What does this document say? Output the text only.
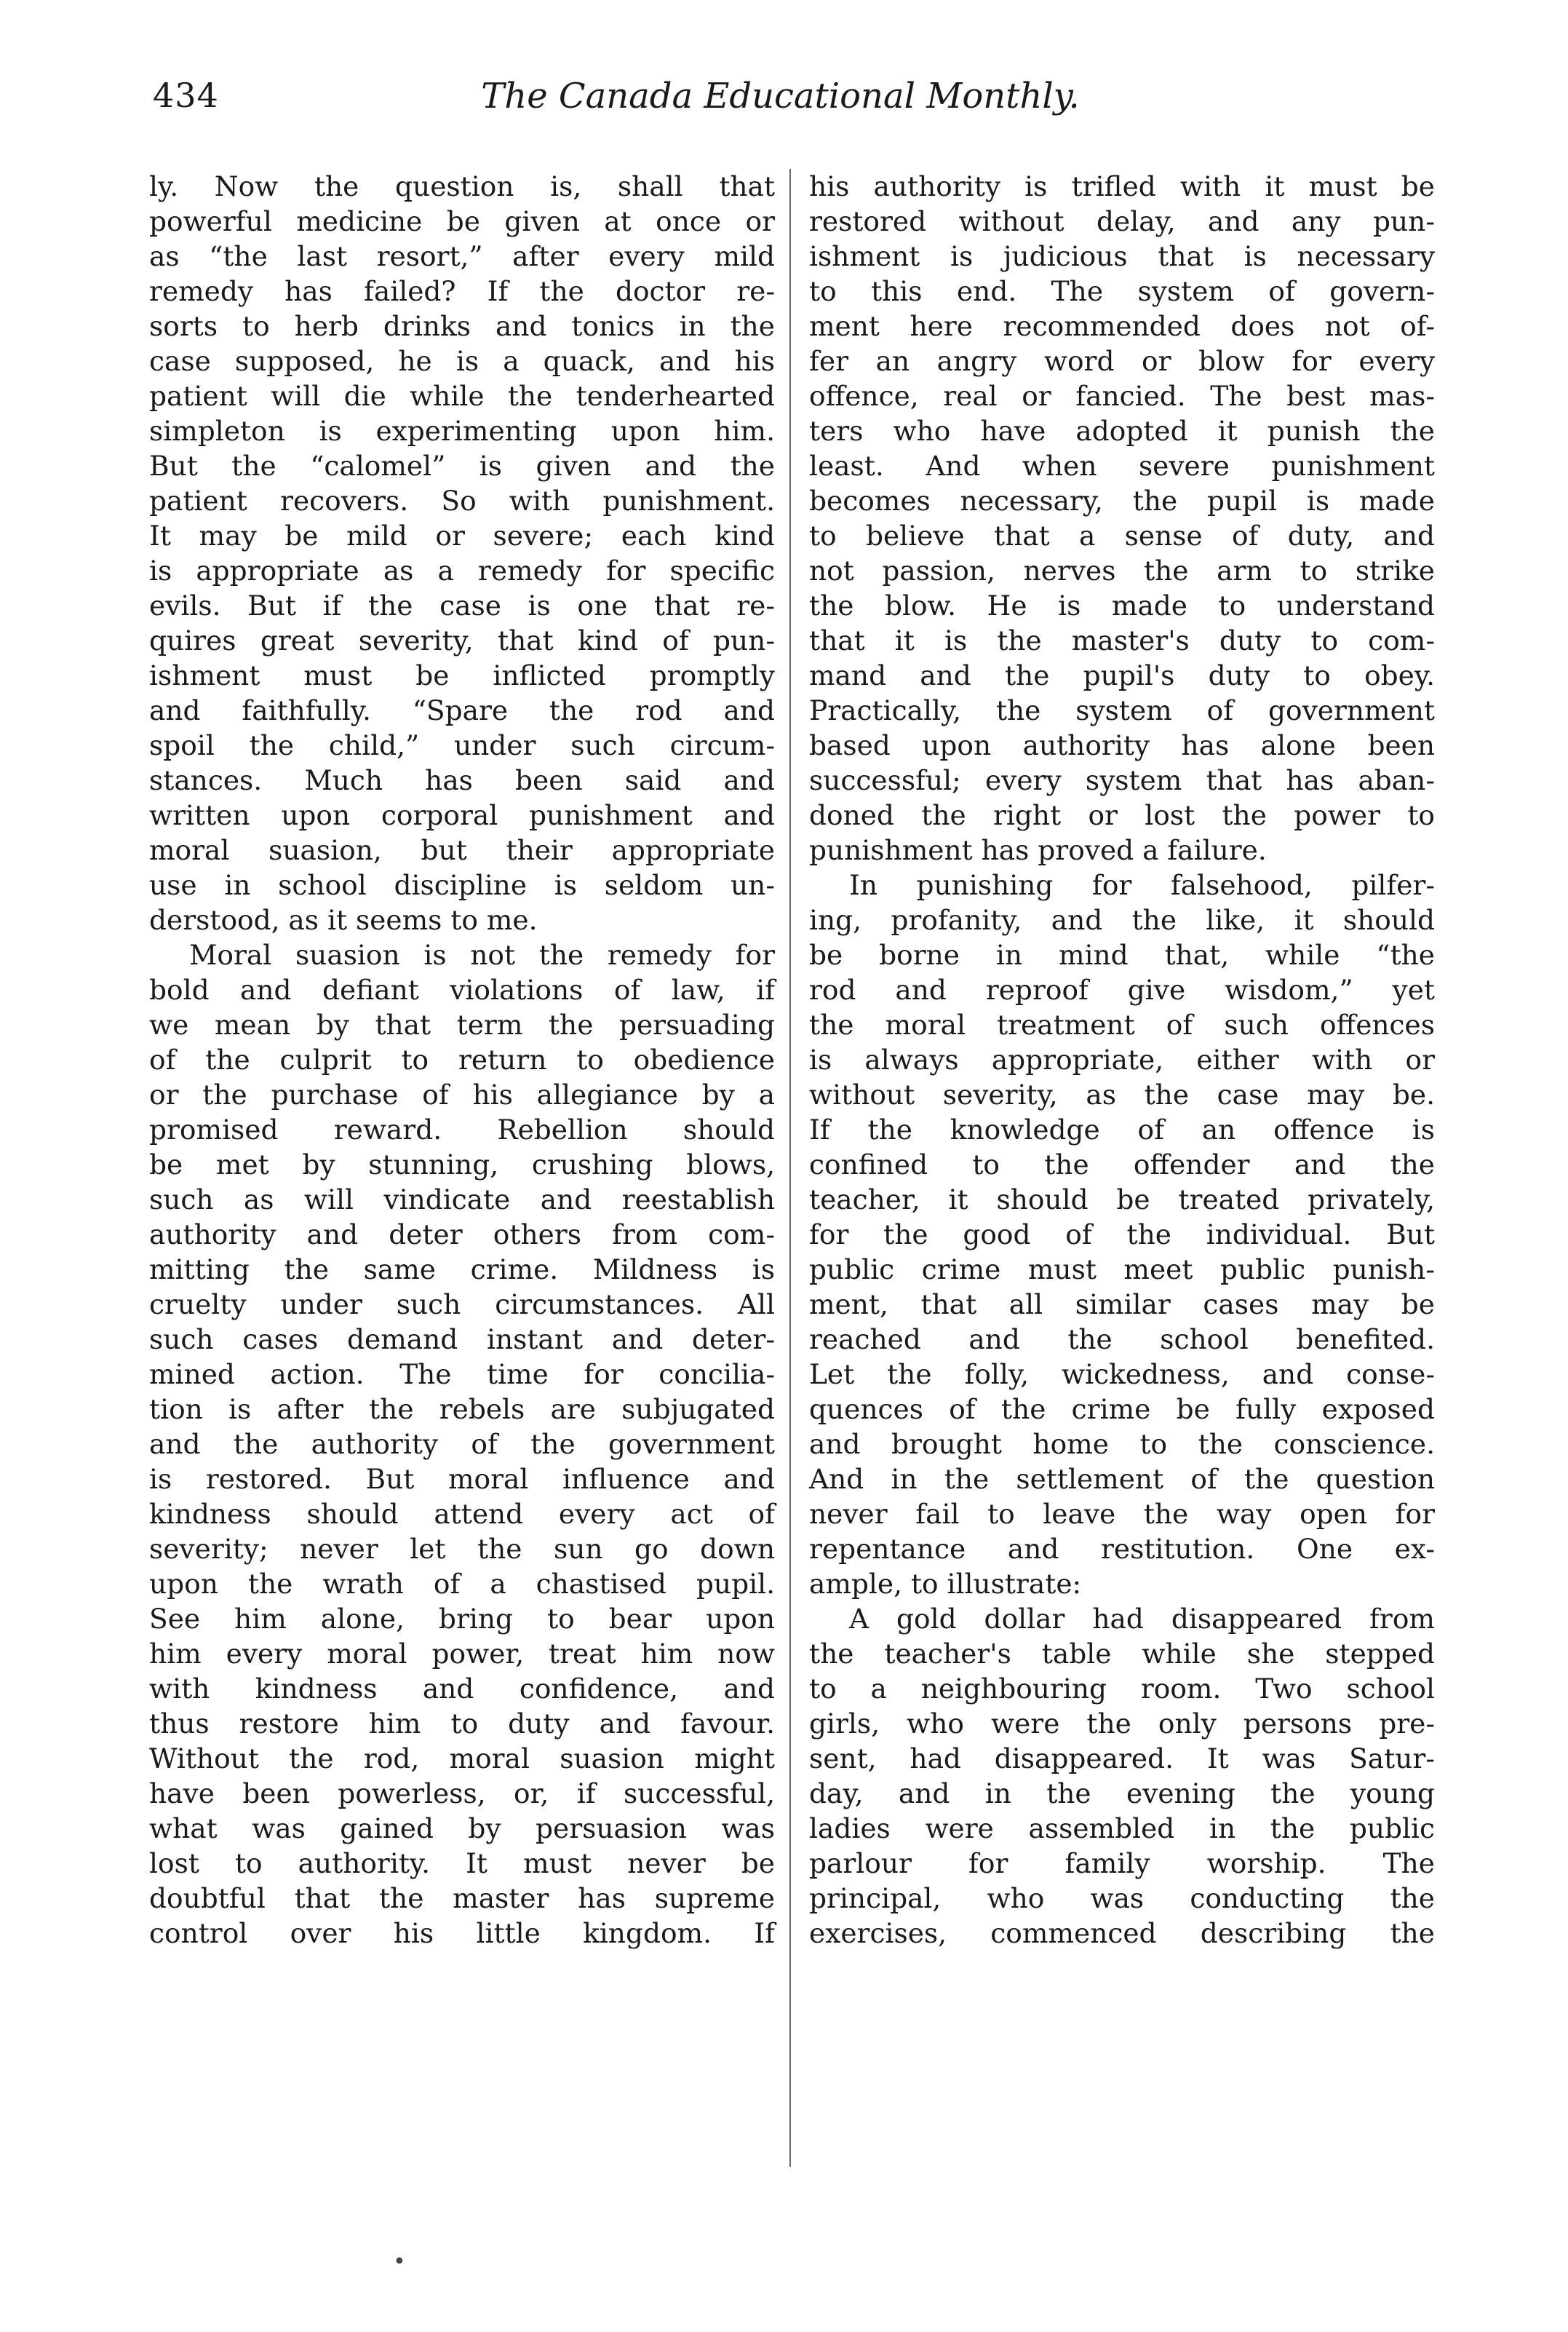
434	The Canada Educational Monthly.
ly. Now the question is, shall that
powerful medicine be given at once or
as “the last resort,” after every mild
remedy has failed? If the doctor re-
sorts to herb drinks and tonics in the
case supposed, he is a quack, and his
patient will die while the tenderhearted
simpleton is experimenting upon him.
But the “calomel” is given and the
patient recovers. So with punishment.
It may be mild or severe; each kind
is appropriate as a remedy for specific
evils. But if the case is one that re-
quires great severity, that kind of pun-
ishment must be inflicted promptly
and faithfully. “Spare the rod and
spoil the child,” under such circum-
stances. Much has been said and
written upon corporal punishment and
moral suasion, but their appropriate
use in school discipline is seldom un-
derstood, as it seems to me.
Moral suasion is not the remedy for
bold and defiant violations of law, if
we mean by that term the persuading
of the culprit to return to obedience
or the purchase of his allegiance by a
promised reward. Rebellion should
be met by stunning, crushing blows,
such as will vindicate and reestablish
authority and deter others from com-
mitting the same crime. Mildness is
cruelty under such circumstances. All
such cases demand instant and deter-
mined action. The time for concilia-
tion is after the rebels are subjugated
and the authority of the government
is restored. But moral influence and
kindness should attend every act of
severity; never let the sun go down
upon the wrath of a chastised pupil.
See him alone, bring to bear upon
him every moral power, treat him now
with kindness and confidence, and
thus restore him to duty and favour.
Without the rod, moral suasion might
have been powerless, or, if successful,
what was gained by persuasion was
lost to authority. It must never be
doubtful that the master has supreme
control over his little kingdom. If
his authority is trifled with it must be
restored without delay, and any pun-
ishment is judicious that is necessary
to this end. The system of govern-
ment here recommended does not of-
fer an angry word or blow for every
offence, real or fancied. The best mas-
ters who have adopted it punish the
least. And when severe punishment
becomes necessary, the pupil is made
to believe that a sense of duty, and
not passion, nerves the arm to strike
the blow. He is made to understand
that it is the master's duty to com-
mand and the pupil's duty to obey.
Practically, the system of government
based upon authority has alone been
successful; every system that has aban-
doned the right or lost the power to
punishment has proved a failure.
In punishing for falsehood, pilfer-
ing, profanity, and the like, it should
be borne in mind that, while “the
rod and reproof give wisdom,” yet
the moral treatment of such offences
is always appropriate, either with or
without severity, as the case may be.
If the knowledge of an offence is
confined to the offender and the
teacher, it should be treated privately,
for the good of the individual. But
public crime must meet public punish-
ment, that all similar cases may be
reached and the school benefited.
Let the folly, wickedness, and conse-
quences of the crime be fully exposed
and brought home to the conscience.
And in the settlement of the question
never fail to leave the way open for
repentance and restitution. One ex-
ample, to illustrate:
A gold dollar had disappeared from
the teacher's table while she stepped
to a neighbouring room. Two school
girls, who were the only persons pre-
sent, had disappeared. It was Satur-
day, and in the evening the young
ladies were assembled in the public
parlour for family worship. The
principal, who was conducting the
exercises, commenced describing the
•
